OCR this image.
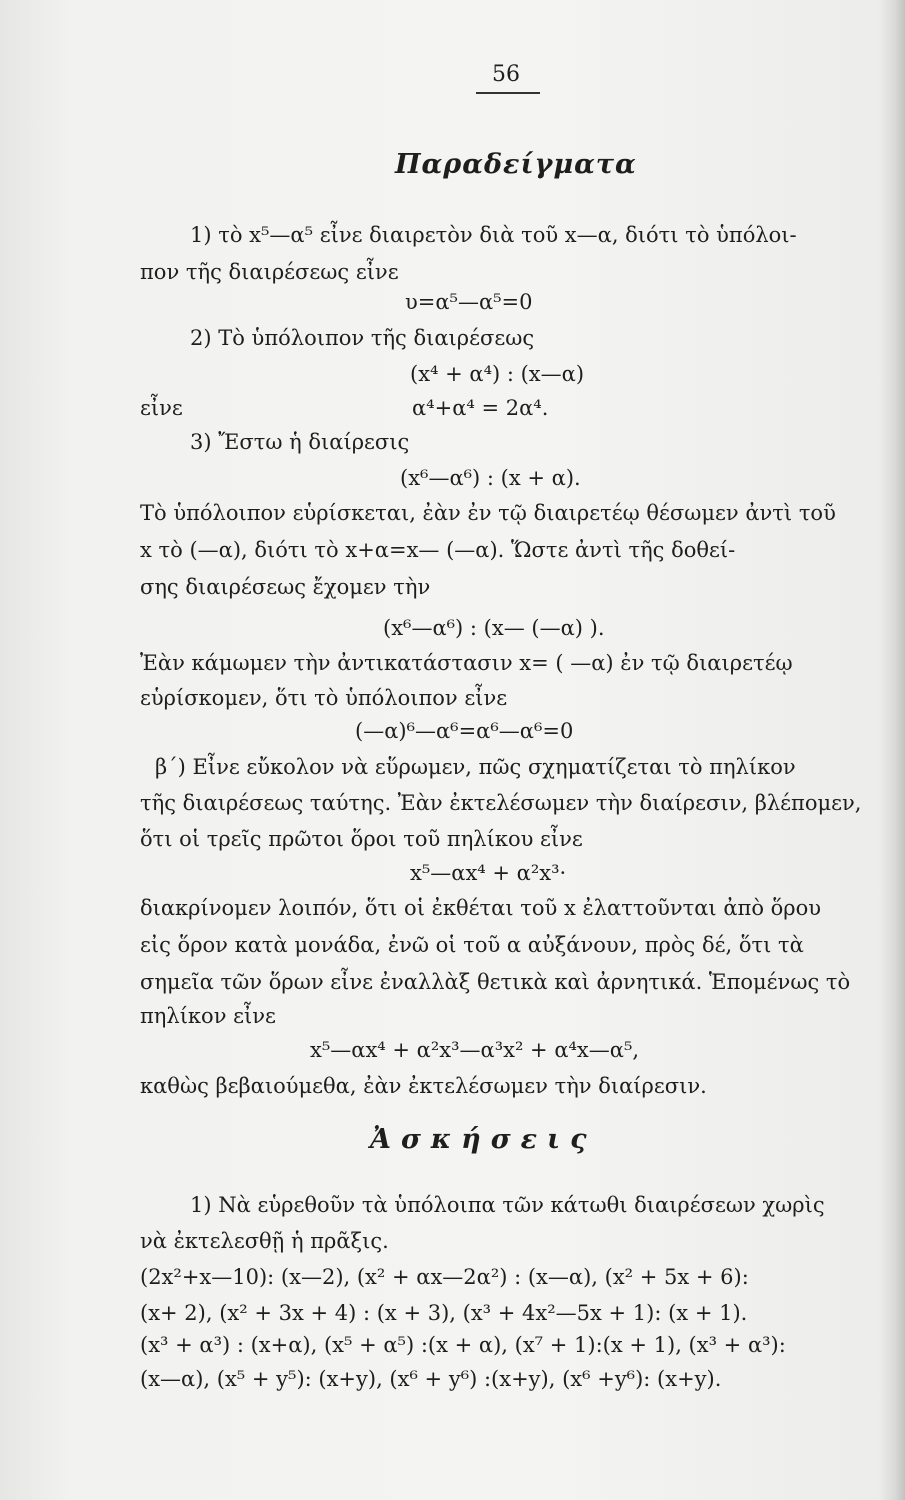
56
Παραδείγματα
1) τὸ x⁵—α⁵ εἶνε διαιρετὸν διὰ τοῦ x—α, διότι τὸ ὑπόλοι-
πον τῆς διαιρέσεως εἶνε
υ=α⁵—α⁵=0
2) Τὸ ὑπόλοιπον τῆς διαιρέσεως
(x⁴ + α⁴) : (x—α)
εἶνε	α⁴+α⁴ = 2α⁴.
3) Ἔστω ἡ διαίρεσις
(x⁶—α⁶) : (x + α).
Τὸ ὑπόλοιπον εὑρίσκεται, ἐὰν ἐν τῷ διαιρετέῳ θέσωμεν ἀντὶ τοῦ
x τὸ (—α), διότι τὸ x+α=x— (—α). Ὥστε ἀντὶ τῆς δοθεί-
σης διαιρέσεως ἔχομεν τὴν
(x⁶—α⁶) : (x— (—α) ).
Ἐὰν κάμωμεν τὴν ἀντικατάστασιν x= ( —α) ἐν τῷ διαιρετέῳ
εὑρίσκομεν, ὅτι τὸ ὑπόλοιπον εἶνε
(—α)⁶—α⁶=α⁶—α⁶=0
β΄) Εἶνε εὔκολον νὰ εὕρωμεν, πῶς σχηματίζεται τὸ πηλίκον
τῆς διαιρέσεως ταύτης. Ἐὰν ἐκτελέσωμεν τὴν διαίρεσιν, βλέπομεν,
ὅτι οἱ τρεῖς πρῶτοι ὅροι τοῦ πηλίκου εἶνε
x⁵—αx⁴ + α²x³·
διακρίνομεν λοιπόν, ὅτι οἱ ἐκθέται τοῦ x ἐλαττοῦνται ἀπὸ ὅρου
εἰς ὅρον κατὰ μονάδα, ἐνῶ οἱ τοῦ α αὐξάνουν, πρὸς δέ, ὅτι τὰ
σημεῖα τῶν ὅρων εἶνε ἐναλλὰξ θετικὰ καὶ ἀρνητικά. Ἑπομένως τὸ
πηλίκον εἶνε
x⁵—αx⁴ + α²x³—α³x² + α⁴x—α⁵,
καθὼς βεβαιούμεθα, ἐὰν ἐκτελέσωμεν τὴν διαίρεσιν.
Ἀσκήσεις
1) Νὰ εὑρεθοῦν τὰ ὑπόλοιπα τῶν κάτωθι διαιρέσεων χωρὶς
νὰ ἐκτελεσθῇ ἡ πρᾶξις.
(2x²+x—10): (x—2), (x² + αx—2α²) : (x—α), (x² + 5x + 6):
(x+ 2), (x² + 3x + 4) : (x + 3), (x³ + 4x²—5x + 1): (x + 1).
(x³ + α³) : (x+α), (x⁵ + α⁵) :(x + α), (x⁷ + 1):(x + 1), (x³ + α³):
(x—α), (x⁵ + y⁵): (x+y), (x⁶ + y⁶) :(x+y), (x⁶ +y⁶): (x+y).
